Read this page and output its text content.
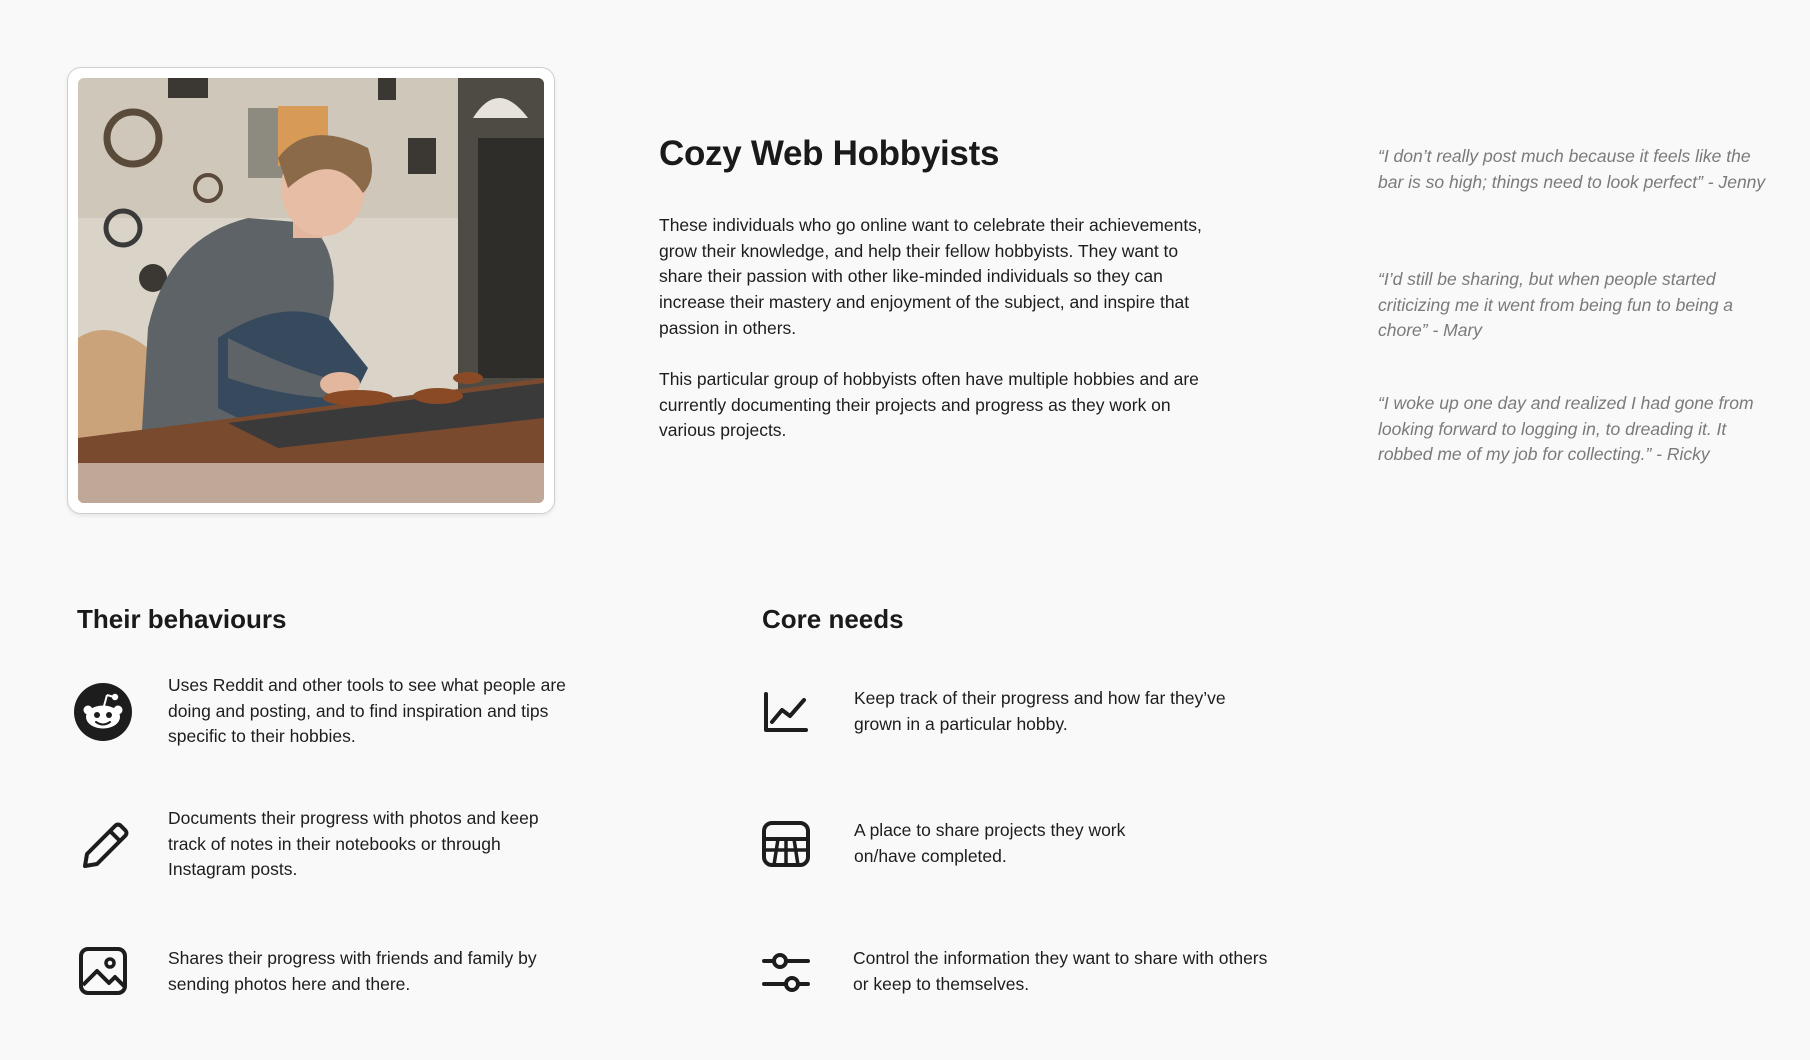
Cozy Web Hobbyists

These individuals who go online want to celebrate their achievements, grow their knowledge, and help their fellow hobbyists. They want to share their passion with other like-minded individuals so they can increase their mastery and enjoyment of the subject, and inspire that passion in others.

This particular group of hobbyists often have multiple hobbies and are currently documenting their projects and progress as they work on various projects.

“I don’t really post much because it feels like the bar is so high; things need to look perfect” - Jenny

“I’d still be sharing, but when people started criticizing me it went from being fun to being a chore” - Mary

“I woke up one day and realized I had gone from looking forward to logging in, to dreading it. It robbed me of my job for collecting.” - Ricky

Their behaviours

Uses Reddit and other tools to see what people are doing and posting, and to find inspiration and tips specific to their hobbies.

Documents their progress with photos and keep track of notes in their notebooks or through Instagram posts.

Shares their progress with friends and family by sending photos here and there.

Core needs

Keep track of their progress and how far they’ve grown in a particular hobby.

A place to share projects they work on/have completed.

Control the information they want to share with others or keep to themselves.
